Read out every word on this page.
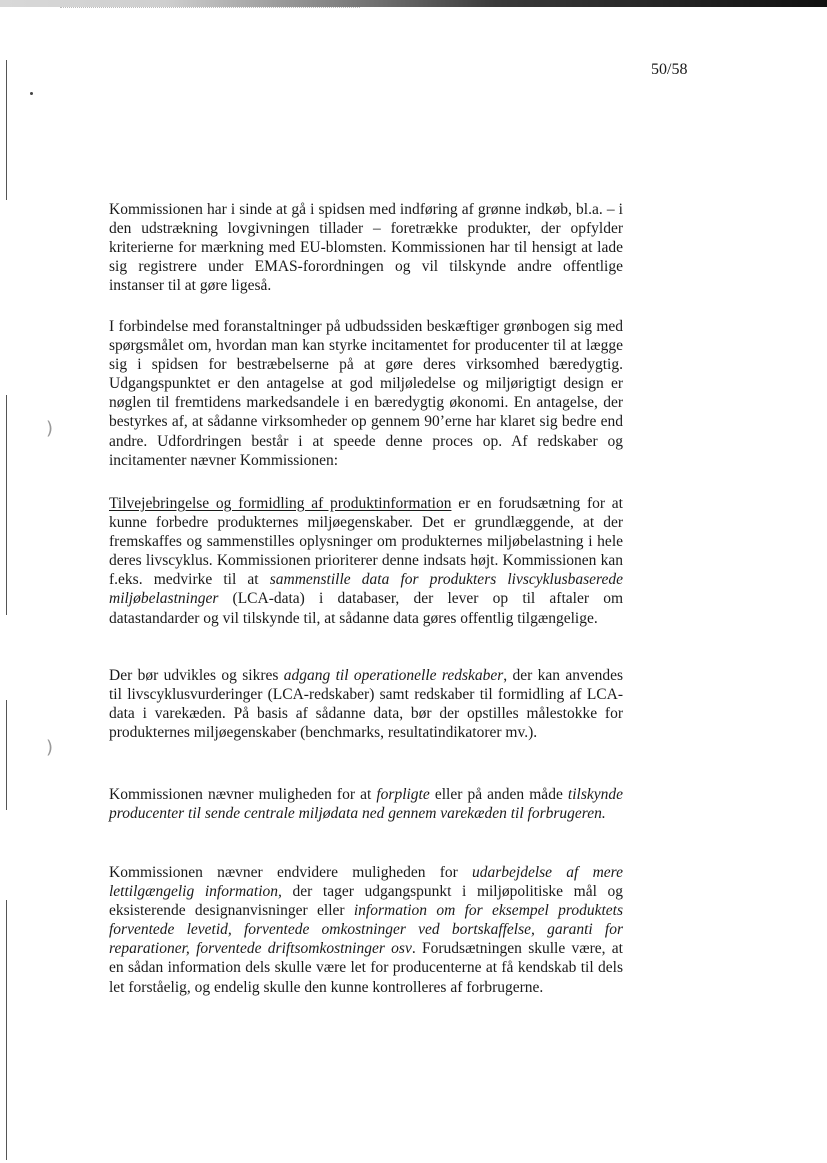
)
)
50/58

Kommissionen har i sinde at gå i spidsen med indføring af grønne indkøb, bl.a. – i den udstrækning lovgivningen tillader – foretrække produkter, der opfylder kriterierne for mærkning med EU-blomsten. Kommissionen har til hensigt at lade sig registrere under EMAS-forordningen og vil tilskynde andre offentlige instanser til at gøre ligeså.

I forbindelse med foranstaltninger på udbudssiden beskæftiger grønbogen sig med spørgsmålet om, hvordan man kan styrke incitamentet for producenter til at lægge sig i spidsen for bestræbelserne på at gøre deres virksomhed bæredygtig. Udgangspunktet er den antagelse at god miljøledelse og miljørigtigt design er nøglen til fremtidens markedsandele i en bæredygtig økonomi. En antagelse, der bestyrkes af, at sådanne virksomheder op gennem 90’erne har klaret sig bedre end andre. Udfordringen består i at speede denne proces op. Af redskaber og incitamenter nævner Kommissionen:

Tilvejebringelse og formidling af produktinformation er en forudsætning for at kunne forbedre produkternes miljøegenskaber. Det er grundlæggende, at der fremskaffes og sammenstilles oplysninger om produkternes miljøbelastning i hele deres livscyklus. Kommissionen prioriterer denne indsats højt. Kommissionen kan f.eks. medvirke til at sammenstille data for produkters livscyklusbaserede miljøbelastninger (LCA-data) i databaser, der lever op til aftaler om datastandarder og vil tilskynde til, at sådanne data gøres offentlig tilgængelige.

Der bør udvikles og sikres adgang til operationelle redskaber, der kan anvendes til livscyklusvurderinger (LCA-redskaber) samt redskaber til formidling af LCA-data i varekæden. På basis af sådanne data, bør der opstilles målestokke for produkternes miljøegenskaber (benchmarks, resultatindikatorer mv.).

Kommissionen nævner muligheden for at forpligte eller på anden måde tilskynde producenter til sende centrale miljødata ned gennem varekæden til forbrugeren.

Kommissionen nævner endvidere muligheden for udarbejdelse af mere lettilgængelig information, der tager udgangspunkt i miljøpolitiske mål og eksisterende designanvisninger eller information om for eksempel produktets forventede levetid, forventede omkostninger ved bortskaffelse, garanti for reparationer, forventede driftsomkostninger osv. Forudsætningen skulle være, at en sådan information dels skulle være let for producenterne at få kendskab til dels let forståelig, og endelig skulle den kunne kontrolleres af forbrugerne.
